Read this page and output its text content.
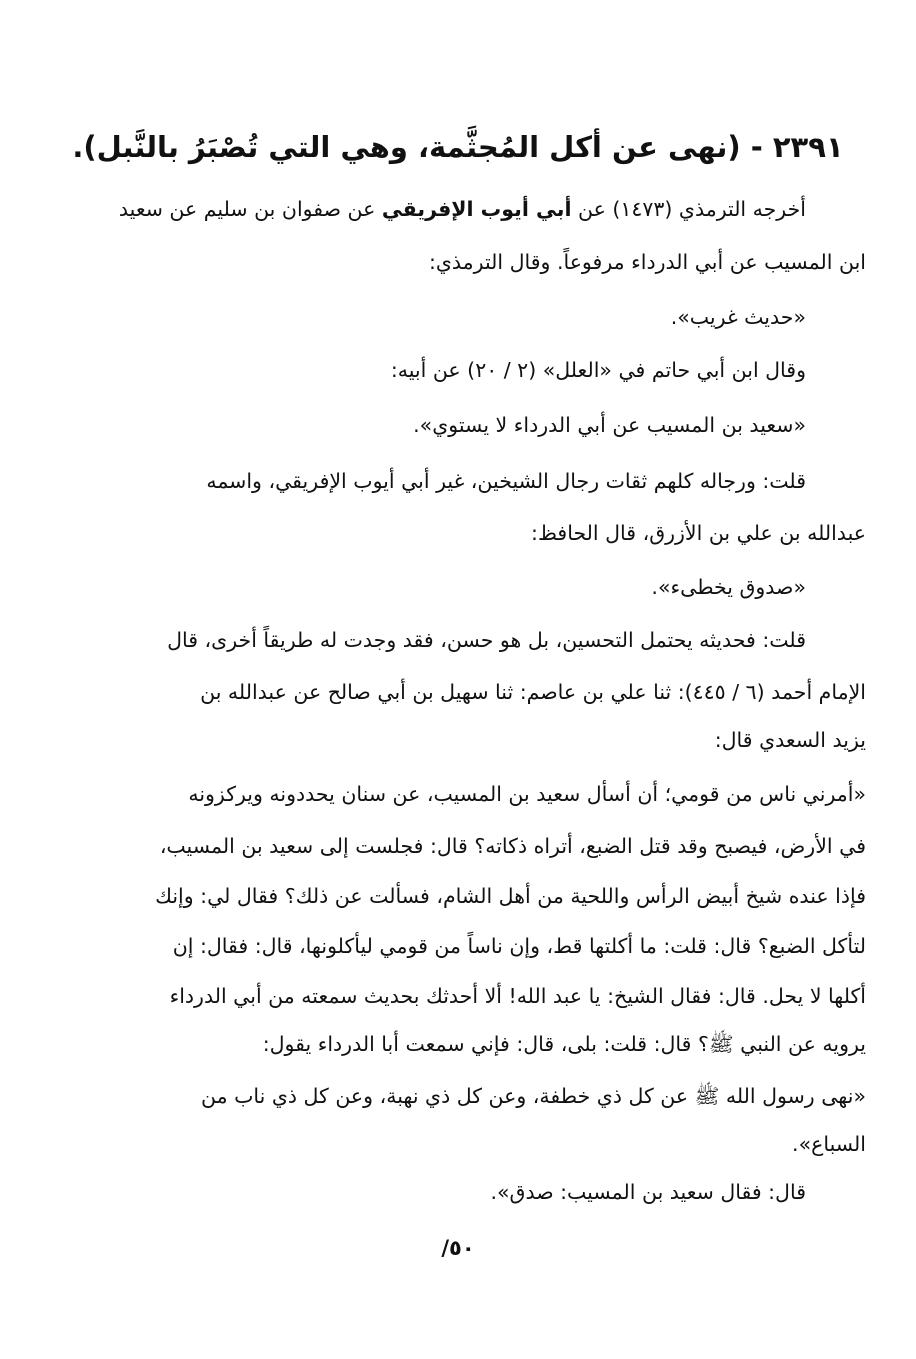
٢٣٩١ - (نهى عن أكل المُجثَّمة، وهي التي تُصْبَرُ بالنَّبل).
أخرجه الترمذي (١٤٧٣) عن أبي أيوب الإفريقي عن صفوان بن سليم عن سعيد
ابن المسيب عن أبي الدرداء مرفوعاً. وقال الترمذي:
«حديث غريب».
وقال ابن أبي حاتم في «العلل» (٢ / ٢٠) عن أبيه:
«سعيد بن المسيب عن أبي الدرداء لا يستوي».
قلت: ورجاله كلهم ثقات رجال الشيخين، غير أبي أيوب الإفريقي، واسمه
عبدالله بن علي بن الأزرق، قال الحافظ:
«صدوق يخطىء».
قلت: فحديثه يحتمل التحسين، بل هو حسن، فقد وجدت له طريقاً أخرى، قال
الإمام أحمد (٦ / ٤٤٥): ثنا علي بن عاصم: ثنا سهيل بن أبي صالح عن عبدالله بن
يزيد السعدي قال:
«أمرني ناس من قومي؛ أن أسأل سعيد بن المسيب، عن سنان يحددونه ويركزونه
في الأرض، فيصبح وقد قتل الضبع، أتراه ذكاته؟ قال: فجلست إلى سعيد بن المسيب،
فإذا عنده شيخ أبيض الرأس واللحية من أهل الشام، فسألت عن ذلك؟ فقال لي: وإنك
لتأكل الضبع؟ قال: قلت: ما أكلتها قط، وإن ناساً من قومي ليأكلونها، قال: فقال: إن
أكلها لا يحل. قال: فقال الشيخ: يا عبد الله! ألا أحدثك بحديث سمعته من أبي الدرداء
يرويه عن النبي ﷺ؟ قال: قلت: بلى، قال: فإني سمعت أبا الدرداء يقول:
«نهى رسول الله ﷺ عن كل ذي خطفة، وعن كل ذي نهبة، وعن كل ذي ناب من
السباع».
قال: فقال سعيد بن المسيب: صدق».
٥٠/
